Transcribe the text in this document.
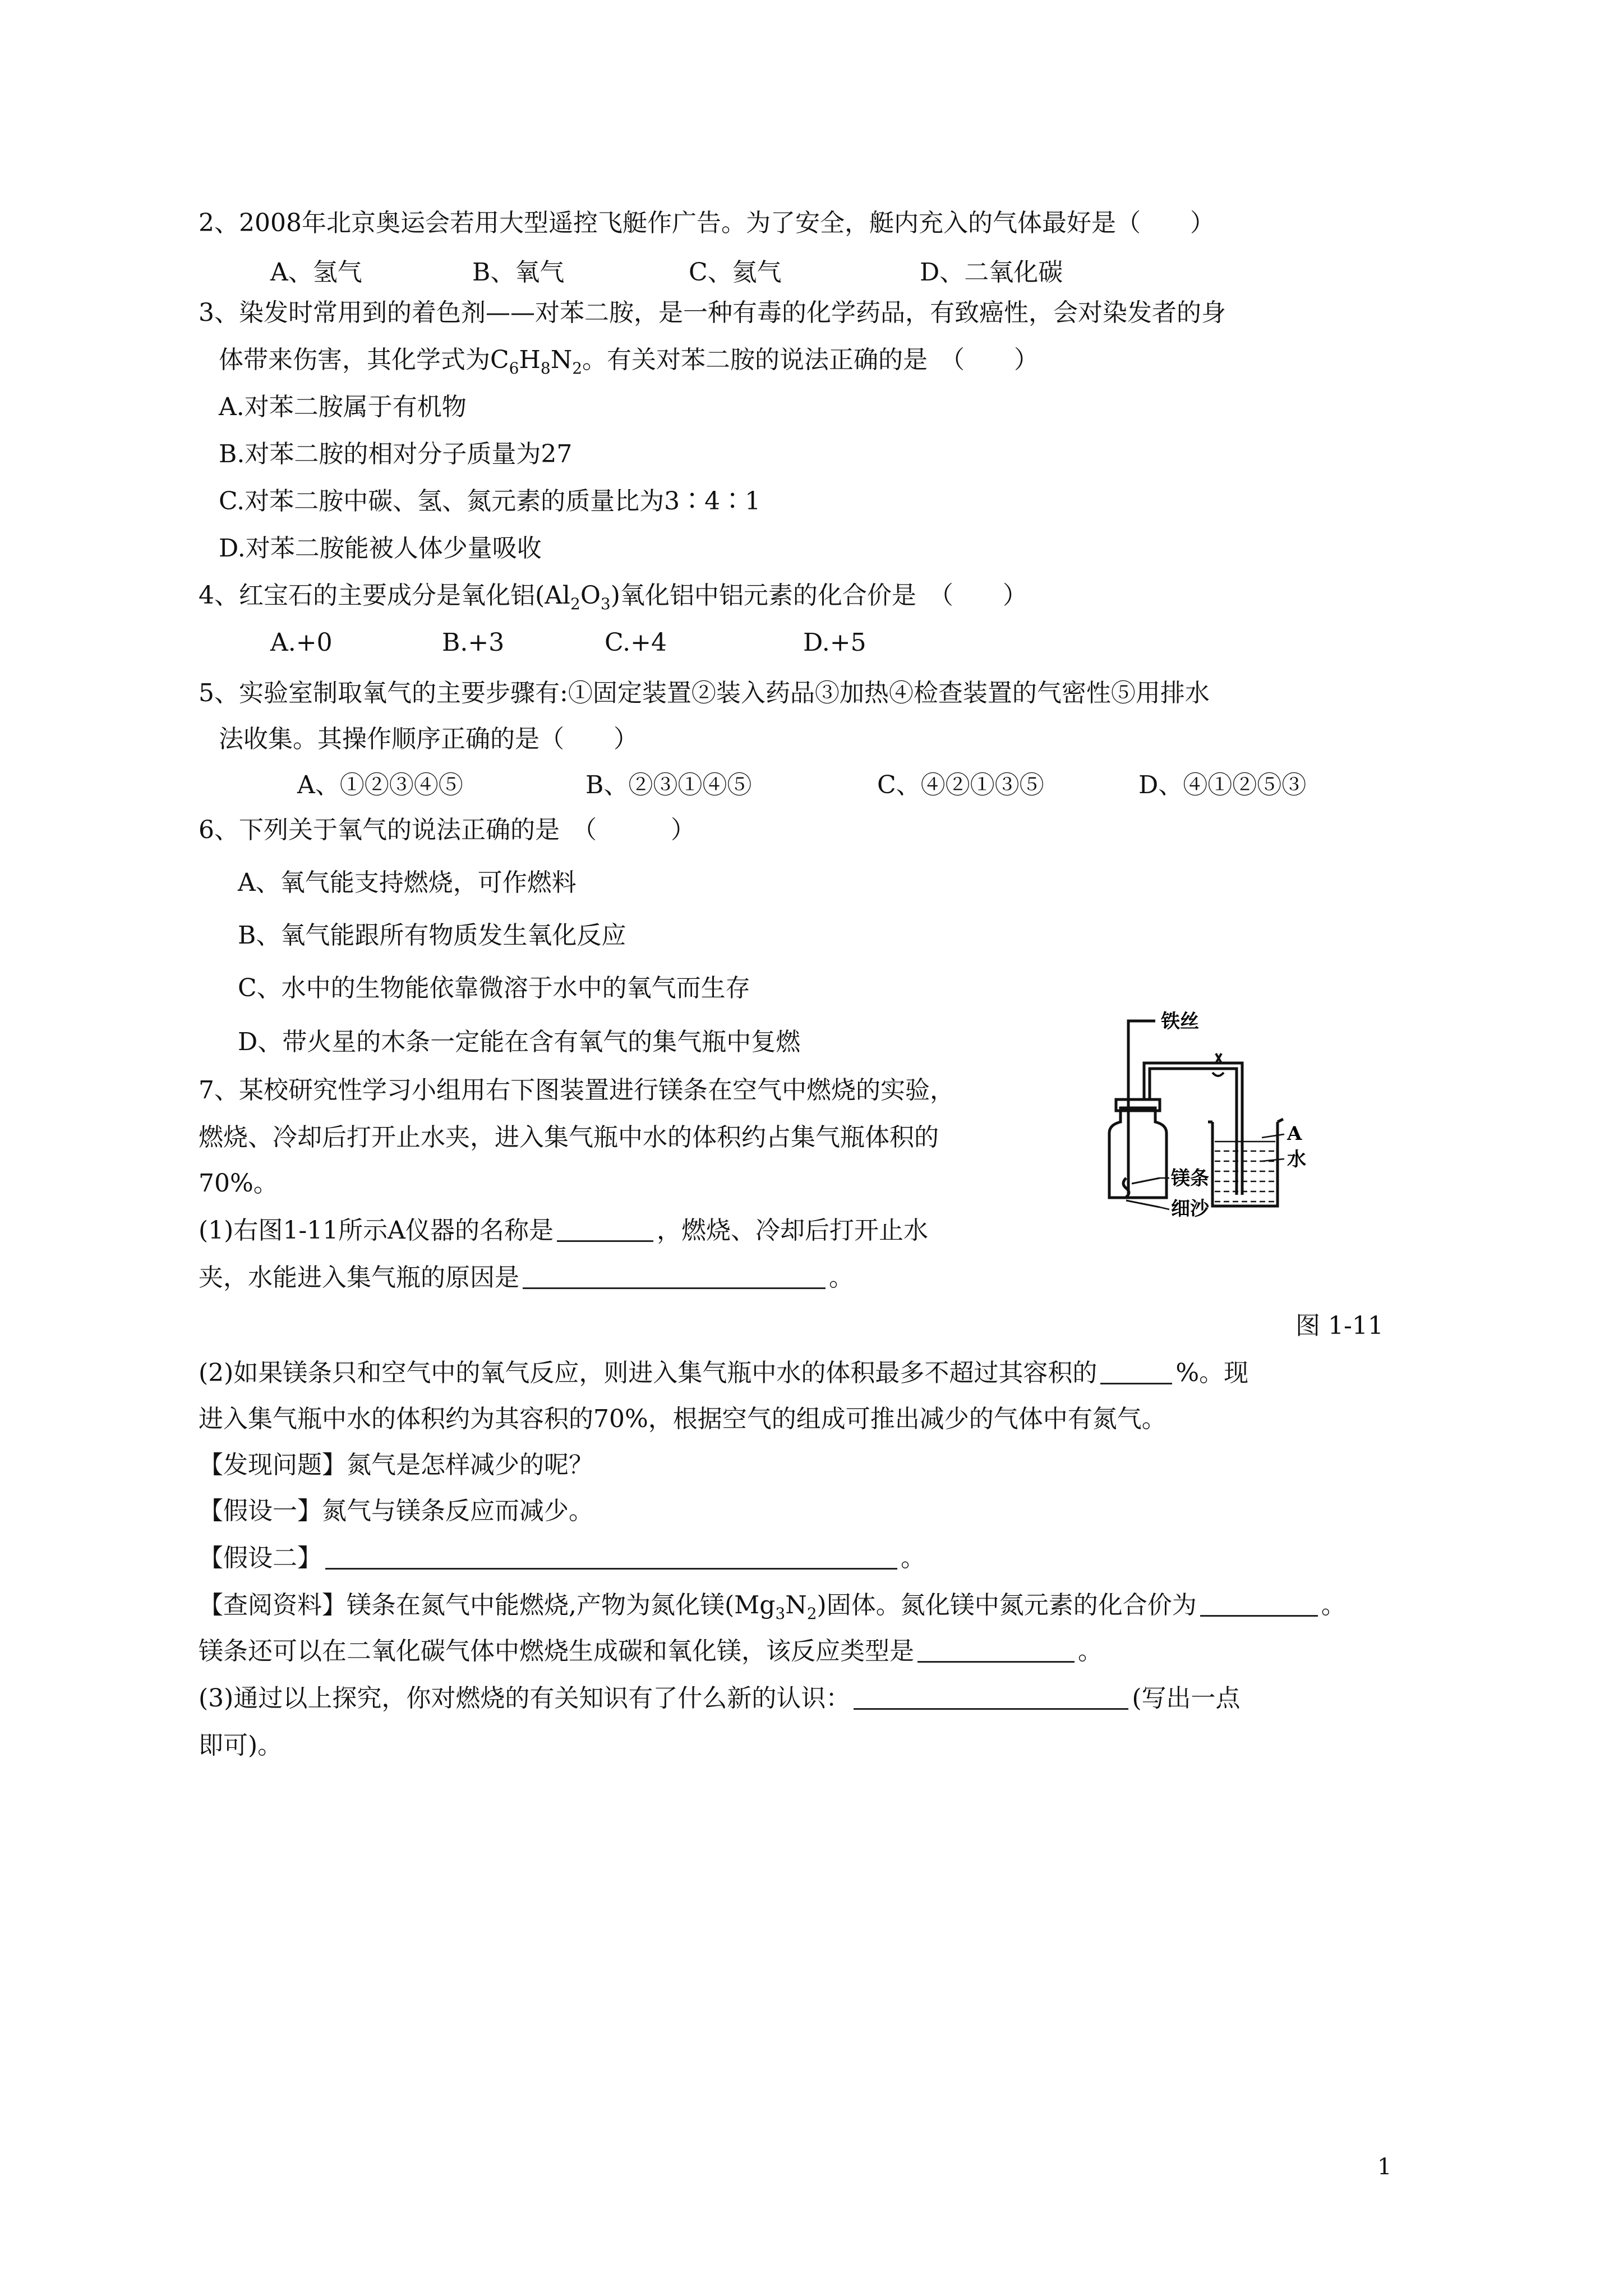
2、2008年北京奥运会若用大型遥控飞艇作广告。为了安全，艇内充入的气体最好是（　　）
A、氢气	B、氧气	C、氦气	D、二氧化碳
3、染发时常用到的着色剂——对苯二胺，是一种有毒的化学药品，有致癌性，会对染发者的身
体带来伤害，其化学式为$C_6H_8N_2$。有关对苯二胺的说法正确的是　（　　）
A.对苯二胺属于有机物
B.对苯二胺的相对分子质量为27
C.对苯二胺中碳、氢、氮元素的质量比为3∶4∶1
D.对苯二胺能被人体少量吸收
4、红宝石的主要成分是氧化铝$(Al_2O_3)$氧化铝中铝元素的化合价是　（　　）
A.+0	B.+3	C.+4	D.+5
5、实验室制取氧气的主要步骤有:①固定装置②装入药品③加热④检查装置的气密性⑤用排水
法收集。其操作顺序正确的是（　　）
A、①②③④⑤	B、②③①④⑤	C、④②①③⑤	D、④①②⑤③
6、下列关于氧气的说法正确的是　（　　　）
A、氧气能支持燃烧，可作燃料
B、氧气能跟所有物质发生氧化反应
C、水中的生物能依靠微溶于水中的氧气而生存
D、带火星的木条一定能在含有氧气的集气瓶中复燃
7、某校研究性学习小组用右下图装置进行镁条在空气中燃烧的实验，
燃烧、冷却后打开止水夹，进入集气瓶中水的体积约占集气瓶体积的
70%。
(1)右图1-11所示A仪器的名称是	，燃烧、冷却后打开止水
夹，水能进入集气瓶的原因是	。
铁丝
A
水
镁条
细沙
图 1-11
(2)如果镁条只和空气中的氧气反应，则进入集气瓶中水的体积最多不超过其容积的	%。现
进入集气瓶中水的体积约为其容积的70%，根据空气的组成可推出减少的气体中有氮气。
【发现问题】氮气是怎样减少的呢？
【假设一】氮气与镁条反应而减少。
【假设二】	。
【查阅资料】镁条在氮气中能燃烧,产物为氮化镁$(Mg_3N_2)$固体。氮化镁中氮元素的化合价为	。
镁条还可以在二氧化碳气体中燃烧生成碳和氧化镁，该反应类型是	。
(3)通过以上探究，你对燃烧的有关知识有了什么新的认识：	(写出一点
即可)。
1
